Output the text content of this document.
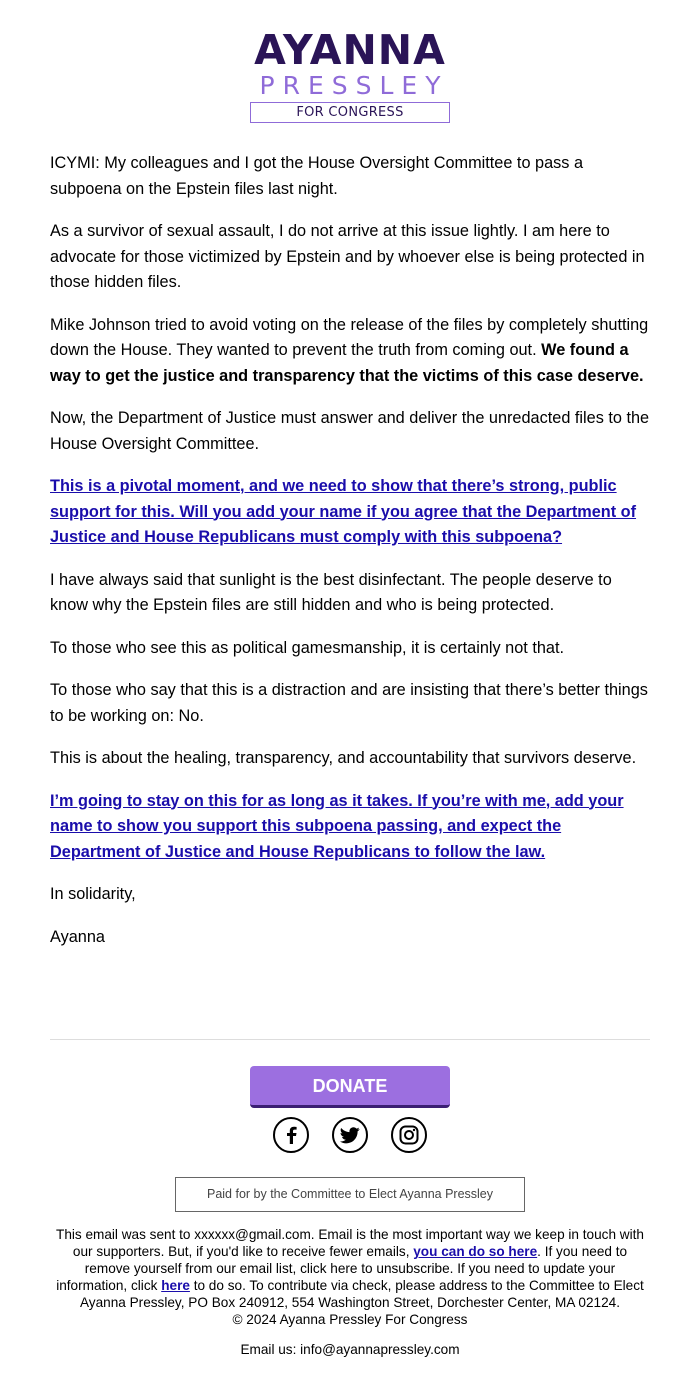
AYANNA
PRESSLEY
FOR CONGRESS

ICYMI: My colleagues and I got the House Oversight Committee to pass a subpoena on the Epstein files last night.

As a survivor of sexual assault, I do not arrive at this issue lightly. I am here to advocate for those victimized by Epstein and by whoever else is being protected in those hidden files.

Mike Johnson tried to avoid voting on the release of the files by completely shutting down the House. They wanted to prevent the truth from coming out. We found a way to get the justice and transparency that the victims of this case deserve.

Now, the Department of Justice must answer and deliver the unredacted files to the House Oversight Committee.

This is a pivotal moment, and we need to show that there’s strong, public support for this. Will you add your name if you agree that the Department of Justice and House Republicans must comply with this subpoena?

I have always said that sunlight is the best disinfectant. The people deserve to know why the Epstein files are still hidden and who is being protected.

To those who see this as political gamesmanship, it is certainly not that.

To those who say that this is a distraction and are insisting that there’s better things to be working on: No.

This is about the healing, transparency, and accountability that survivors deserve.

I’m going to stay on this for as long as it takes. If you’re with me, add your name to show you support this subpoena passing, and expect the Department of Justice and House Republicans to follow the law.

In solidarity,

Ayanna

DONATE
Paid for by the Committee to Elect Ayanna Pressley
This email was sent to xxxxxx@gmail.com. Email is the most important way we keep in touch with our supporters. But, if you'd like to receive fewer emails, you can do so here. If you need to remove yourself from our email list, click here to unsubscribe. If you need to update your information, click here to do so. To contribute via check, please address to the Committee to Elect Ayanna Pressley, PO Box 240912, 554 Washington Street, Dorchester Center, MA 02124.
© 2024 Ayanna Pressley For Congress
Email us: info@ayannapressley.com
